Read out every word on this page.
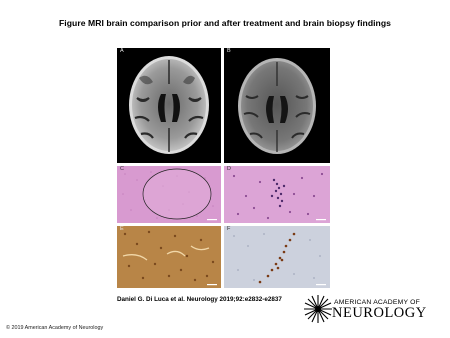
Figure MRI brain comparison prior and after treatment and brain biopsy findings
A	B
C	D
E	F
Daniel G. Di Luca et al. Neurology 2019;92:e2832-e2837	AMERICAN ACADEMY OF
NEUROLOGY
© 2019 American Academy of Neurology
